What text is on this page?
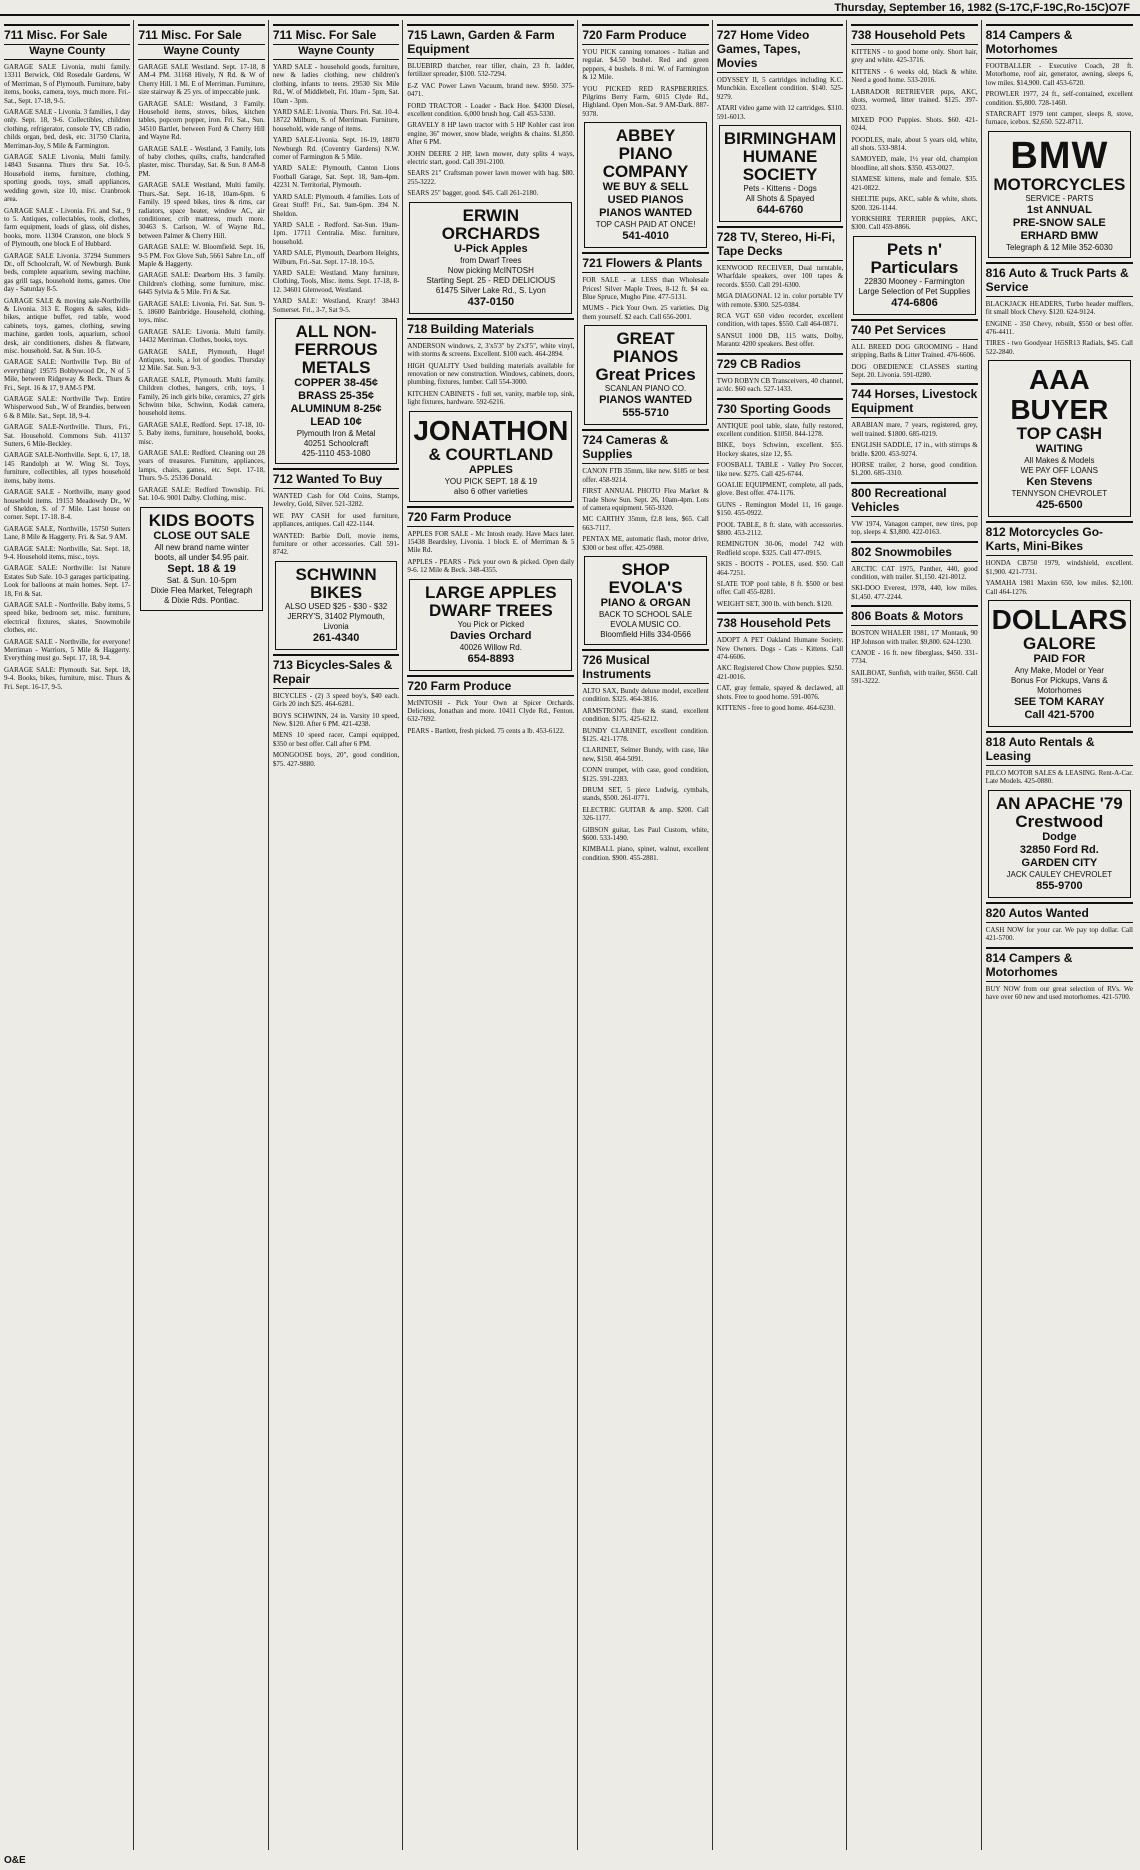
Thursday, September 16, 1982 (S-17C,F-19C,Ro-15C)O7F
711 Misc. For Sale
Wayne County

GARAGE SALE Livonia, multi family. 13311 Berwick, Old Rosedale Gardens, W of Merriman, S of Plymouth. Furniture, baby items, books, camera, toys, much more. Fri.-Sat., Sept. 17-18, 9-5.

GARAGE SALE - Livonia. 3 families, 1 day only. Sept. 18, 9-6. Collectibles, children clothing, refrigerator, console TV, CB radio, childs organ, bed, desk, etc. 31750 Clarita, Merriman-Joy, S Mile & Farmington.

GARAGE SALE Livonia, Multi family. 14843 Susanna. Thurs thru Sat. 10-5. Household items, furniture, clothing, sporting goods, toys, small appliances, wedding gown, size 10, misc. Cranbrook area.

GARAGE SALE - Livonia. Fri. and Sat., 9 to 5. Antiques, collectables, tools, clothes, farm equipment, loads of glass, old dishes, books, more. 11304 Cranston, one block S of Plymouth, one block E of Hubbard.

GARAGE SALE Livonia. 37294 Summers Dr., off Schoolcraft, W. of Newburgh. Bunk beds, complete aquarium, sewing machine, gas grill tags, household items, games. One day - Saturday 8-5.

GARAGE SALE & moving sale-Northville & Livonia. 313 E. Rogers & sales, kids-bikes, antique buffet, red table, wood cabinets, toys, games, clothing, sewing machine, garden tools, aquarium, school desk, air conditioners, dishes & flatware, misc. household. Sat. & Sun. 10-5.

GARAGE SALE: Northville Twp. Bit of everything! 19575 Bobbywood Dr., N of 5 Mile, between Ridgeway & Beck. Thurs & Fri., Sept. 16 & 17, 9 AM-5 PM.

GARAGE SALE: Northville Twp. Entire Whisperwood Sub., W of Brandies, between 6 & 8 Mile. Sat., Sept. 18, 9-4.

GARAGE SALE-Northville. Thurs, Fri., Sat. Household. Commons Sub. 41137 Sutters, 6 Mile-Beckley.

GARAGE SALE-Northville. Sept. 6, 17, 18. 145 Randolph at W. Wing St. Toys, furniture, collectibles, all types household items, baby items.

GARAGE SALE - Northville, many good household items. 19153 Meadowdy Dr., W of Sheldon, S. of 7 Mile. Last house on corner. Sept. 17-18. 8-4.

GARAGE SALE, Northville, 15750 Sutters Lane, 8 Mile & Haggerty. Fri. & Sat. 9 AM.

GARAGE SALE: Northville, Sat. Sept. 18, 9-4. Household items, misc., toys.

GARAGE SALE: Northville: 1st Nature Estates Sub Sale. 10-3 garages participating. Look for balloons at main homes. Sept. 17-18, Fri & Sat.

GARAGE SALE - Northville. Baby items, 5 speed bike, bedroom set, misc. furniture, electrical fixtures, skates, Snowmobile clothes, etc.

GARAGE SALE - Northville, for everyone! Merriman - Warriors, 5 Mile & Haggerty. Everything must go. Sept. 17, 18, 9-4.

GARAGE SALE: Plymouth. Sat. Sept. 18, 9-4. Books, bikes, furniture, misc. Thurs & Fri. Sept. 16-17, 9-5.

711 Misc. For Sale
Wayne County

GARAGE SALE Westland. Sept. 17-18, 8 AM-4 PM. 31168 Hively, N Rd. & W of Cherry Hill. 1 Mi. E of Merriman. Furniture, size stairway & 25 yrs. of impeccable junk.

GARAGE SALE: Westland, 3 Family. Household items, stoves, bikes, kitchen tables, popcorn popper, iron. Fri. Sat., Sun. 34510 Bartlet, between Ford & Cherry Hill and Wayne Rd.

GARAGE SALE - Westland, 3 Family, lots of baby clothes, quilts, crafts, handcrafted plaster, misc. Thursday, Sat. & Sun. 8 AM-8 PM.

GARAGE SALE Westland, Multi family. Thurs.-Sat. Sept. 16-18, 10am-6pm. 6 Family. 19 speed bikes, tires & rims, car radiators, space heater, window AC, air conditioner, crib mattress, much more. 30463 S. Carlson, W. of Wayne Rd., between Palmer & Cherry Hill.

GARAGE SALE: W. Bloomfield. Sept. 16, 9-5 PM. Fox Glove Sub, 5661 Sabre Ln., off Maple & Haggerty.

GARAGE SALE: Dearborn Hts. 3 family. Children's clothing, some furniture, misc. 6445 Sylvia & 5 Mile. Fri & Sat.

GARAGE SALE: Livonia, Fri. Sat. Sun. 9-5. 18600 Bainbridge. Household, clothing, toys, misc.

GARAGE SALE: Livonia. Multi family. 14432 Merriman. Clothes, books, toys.

GARAGE SALE, Plymouth, Huge! Antiques, tools, a lot of goodies. Thursday 12 Mile. Sat. Sun. 9-3.

GARAGE SALE, Plymouth. Multi family. Children clothes, hangers, crib, toys, 1 Family, 26 inch girls bike, ceramics, 27 girls Schwinn bike, Schwinn, Kodak camera, household items.

GARAGE SALE, Redford. Sept. 17-18, 10-5. Baby items, furniture, household, books, misc.

GARAGE SALE: Redford. Cleaning out 28 years of treasures. Furniture, appliances, lamps, chairs, games, etc. Sept. 17-18, Thurs. 9-5. 25336 Donald.

GARAGE SALE: Redford Township. Fri. Sat. 10-6. 9001 Dalby. Clothing, misc.

KIDS BOOTS
CLOSE OUT SALE
All new brand name winter
boots, all under $4.95 pair.
Sept. 18 & 19
Sat. & Sun. 10-5pm
Dixie Flea Market, Telegraph
& Dixie Rds. Pontiac.
711 Misc. For Sale
Wayne County

YARD SALE - household goods, furniture, new & ladies clothing, new children's clothing, infants to teens. 29530 Six Mile Rd., W. of Middlebelt, Fri. 10am - 5pm, Sat. 10am - 3pm.

YARD SALE: Livonia. Thurs. Fri. Sat. 10-4. 18722 Milburn, S. of Merriman. Furniture, household, wide range of items.

YARD SALE-Livonia. Sept. 16-19, 18870 Newburgh Rd. (Coventry Gardens) N.W. corner of Farmington & 5 Mile.

YARD SALE: Plymouth, Canton Lions Football Garage, Sat. Sept. 18, 9am-4pm. 42231 N. Territorial, Plymouth.

YARD SALE: Plymouth. 4 families. Lots of Great Stuff! Fri., Sat. 9am-6pm. 394 N. Sheldon.

YARD SALE - Redford. Sat-Sun. 19am-1pm. 17711 Centralia. Misc. furniture, household.

YARD SALE, Plymouth, Dearborn Heights, Wilburn, Fri.-Sat. Sept. 17-18. 10-5.

YARD SALE: Westland. Many furniture, Clothing, Tools, Misc. items. Sept. 17-18, 8-12. 34601 Glenwood, Westland.

YARD SALE: Westland, Krazy! 38443 Somerset. Fri., 3-7, Sat 9-5.

ALL NON-FERROUS
METALS
COPPER 38-45¢
BRASS 25-35¢
ALUMINUM 8-25¢
LEAD 10¢
Plymouth Iron & Metal
40251 Schoolcraft
425-1110 453-1080
712 Wanted To Buy

WANTED Cash for Old Coins, Stamps, Jewelry, Gold, Silver. 521-3282.

WE PAY CASH for used furniture, appliances, antiques. Call 422-1144.

WANTED: Barbie Doll, movie items, furniture or other accessories. Call 591-8742.

SCHWINN BIKES
ALSO USED $25 - $30 - $32
JERRY'S, 31402 Plymouth, Livonia
261-4340
713 Bicycles-Sales & Repair

BICYCLES - (2) 3 speed boy's, $40 each. Girls 20 inch $25. 464-6281.

BOYS SCHWINN, 24 in. Varsity 10 speed, New. $120. After 6 PM. 421-4238.

MENS 10 speed racer, Campi equipped, $350 or best offer. Call after 6 PM.

MONGOOSE boys, 20", good condition, $75. 427-9880.

715 Lawn, Garden & Farm Equipment

BLUEBIRD thatcher, rear tiller, chain, 23 ft. ladder, fertilizer spreader, $100. 532-7294.

E-Z VAC Power Lawn Vacuum, brand new. $950. 375-0471.

FORD TRACTOR - Loader - Back Hoe. $4300 Diesel, excellent condition. 6,000 brush hog. Call 453-5330.

GRAVELY 8 HP lawn tractor with 5 HP Kohler cast iron engine, 36" mower, snow blade, weights & chains. $1,850. After 6 PM.

JOHN DEERE 2 HP, lawn mower, duty splits 4 ways, electric start, good. Call 391-2100.

SEARS 21" Craftsman power lawn mower with bag. $80. 255-3222.

SEARS 25" bagger, good. $45. Call 261-2180.

ERWIN ORCHARDS
U-Pick Apples
from Dwarf Trees
Now picking McINTOSH
Starting Sept. 25 - RED DELICIOUS
61475 Silver Lake Rd., S. Lyon
437-0150
718 Building Materials

ANDERSON windows, 2, 3'x5'3" by 2'x3'5", white vinyl, with storms & screens. Excellent. $100 each. 464-2894.

HIGH QUALITY Used building materials available for renovation or new construction. Windows, cabinets, doors, plumbing, fixtures, lumber. Call 554-3000.

KITCHEN CABINETS - full set, vanity, marble top, sink, light fixtures, hardware. 592-6216.

JONATHON
& COURTLAND
APPLES
YOU PICK SEPT. 18 & 19
also 6 other varieties
720 Farm Produce

APPLES FOR SALE - Mc Intosh ready. Have Macs later. 15438 Beardsley, Livonia. 1 block E. of Merriman & 5 Mile Rd.

APPLES - PEARS - Pick your own & picked. Open daily 9-6. 12 Mile & Beck. 348-4355.

LARGE APPLES
DWARF TREES
You Pick or Picked
Davies Orchard
40026 Willow Rd.
654-8893
720 Farm Produce

McINTOSH - Pick Your Own at Spicer Orchards. Delicious, Jonathan and more. 10411 Clyde Rd., Fenton. 632-7692.

PEARS - Bartlett, fresh picked. 75 cents a lb. 453-6122.

720 Farm Produce

YOU PICK canning tomatoes - Italian and regular. $4.50 bushel. Red and green peppers, 4 bushels. 8 mi. W. of Farmington & 12 Mile.

YOU PICKED RED RASPBERRIES. Pilgrims Berry Farm, 6015 Clyde Rd., Highland. Open Mon.-Sat. 9 AM-Dark. 887-9378.

ABBEY PIANO COMPANY
WE BUY & SELL
USED PIANOS
PIANOS WANTED
TOP CASH PAID AT ONCE!
541-4010
721 Flowers & Plants

FOR SALE - at LESS than Wholesale Prices! Silver Maple Trees, 8-12 ft. $4 ea. Blue Spruce, Mugho Pine. 477-5131.

MUMS - Pick Your Own. 25 varieties. Dig them yourself. $2 each. Call 656-2001.

GREAT PIANOS
Great Prices
SCANLAN PIANO CO.
PIANOS WANTED
555-5710
724 Cameras & Supplies

CANON FTB 35mm, like new. $185 or best offer. 458-9214.

FIRST ANNUAL PHOTO Flea Market & Trade Show Sun. Sept. 26, 10am-4pm. Lots of camera equipment. 565-9320.

MC CARTHY 35mm, f2.8 lens, $65. Call 663-7117.

PENTAX ME, automatic flash, motor drive, $300 or best offer. 425-0988.

SHOP EVOLA'S
PIANO & ORGAN
BACK TO SCHOOL SALE
EVOLA MUSIC CO.
Bloomfield Hills 334-0566
726 Musical Instruments

ALTO SAX, Bundy deluxe model, excellent condition. $325. 464-3816.

ARMSTRONG flute & stand, excellent condition. $175. 425-6212.

BUNDY CLARINET, excellent condition. $125. 421-1778.

CLARINET, Selmer Bundy, with case, like new, $150. 464-5091.

CONN trumpet, with case, good condition, $125. 591-2283.

DRUM SET, 5 piece Ludwig, cymbals, stands, $500. 261-0771.

ELECTRIC GUITAR & amp. $200. Call 326-1177.

GIBSON guitar, Les Paul Custom, white, $600. 533-1490.

KIMBALL piano, spinet, walnut, excellent condition. $900. 455-2881.

727 Home Video Games, Tapes, Movies

ODYSSEY II, 5 cartridges including K.C. Munchkin. Excellent condition. $140. 525-9279.

ATARI video game with 12 cartridges. $310. 591-6013.

BIRMINGHAM HUMANE
SOCIETY
Pets - Kittens - Dogs
All Shots & Spayed
644-6760
728 TV, Stereo, Hi-Fi, Tape Decks

KENWOOD RECEIVER, Dual turntable, Wharfdale speakers, over 100 tapes & records. $550. Call 291-6300.

MGA DIAGONAL 12 in. color portable TV with remote. $300. 525-0384.

RCA VGT 650 video recorder, excellent condition, with tapes. $550. Call 464-0871.

SANSUI 1000 DB, 115 watts, Dolby, Marantz 4200 speakers. Best offer.

729 CB Radios

TWO ROBYN CB Transceivers, 40 channel, ac/dc. $60 each. 527-1433.

730 Sporting Goods

ANTIQUE pool table, slate, fully restored, excellent condition. $1050. 844-1278.

BIKE, boys Schwinn, excellent. $55. Hockey skates, size 12, $5.

FOOSBALL TABLE - Valley Pro Soccer, like new. $275. Call 425-6744.

GOALIE EQUIPMENT, complete, all pads, glove. Best offer. 474-1176.

GUNS - Remington Model 11, 16 gauge. $150. 455-0922.

POOL TABLE, 8 ft. slate, with accessories. $800. 453-2112.

REMINGTON 30-06, model 742 with Redfield scope. $325. Call 477-0915.

SKIS - BOOTS - POLES, used. $50. Call 464-7251.

SLATE TOP pool table, 8 ft. $500 or best offer. Call 455-8281.

WEIGHT SET, 300 lb. with bench. $120.

738 Household Pets

ADOPT A PET Oakland Humane Society. New Owners. Dogs - Cats - Kittens. Call 474-6606.

AKC Registered Chow Chow puppies. $250. 421-0016.

CAT, gray female, spayed & declawed, all shots. Free to good home. 591-0076.

KITTENS - free to good home. 464-6230.

738 Household Pets

KITTENS - to good home only. Short hair, grey and white. 425-3716.

KITTENS - 6 weeks old, black & white. Need a good home. 533-2016.

LABRADOR RETRIEVER pups, AKC, shots, wormed, litter trained. $125. 397-0233.

MIXED POO Puppies. Shots. $60. 421-0244.

POODLES, male, about 5 years old, white, all shots. 533-9814.

SAMOYED, male, 1½ year old, champion bloodline, all shots. $350. 453-0027.

SIAMESE kittens, male and female. $35. 421-0822.

SHELTIE pups, AKC, sable & white, shots. $200. 326-1144.

YORKSHIRE TERRIER puppies, AKC, $300. Call 459-8866.

Pets n' Particulars
22830 Mooney - Farmington
Large Selection of Pet Supplies
474-6806
740 Pet Services

ALL BREED DOG GROOMING - Hand stripping, Baths & Litter Trained. 476-6606.

DOG OBEDIENCE CLASSES starting Sept. 20. Livonia. 591-0280.

744 Horses, Livestock Equipment

ARABIAN mare, 7 years, registered, grey, well trained. $1800. 685-0219.

ENGLISH SADDLE, 17 in., with stirrups & bridle. $200. 453-9274.

HORSE trailer, 2 horse, good condition. $1,200. 685-3310.

800 Recreational Vehicles

VW 1974, Vanagon camper, new tires, pop top, sleeps 4. $3,800. 422-0163.

802 Snowmobiles

ARCTIC CAT 1975, Panther, 440, good condition, with trailer. $1,150. 421-8012.

SKI-DOO Everest, 1978, 440, low miles. $1,450. 477-2244.

806 Boats & Motors

BOSTON WHALER 1981, 17' Montauk, 90 HP Johnson with trailer. $9,800. 624-1230.

CANOE - 16 ft. new fiberglass, $450. 331-7734.

SAILBOAT, Sunfish, with trailer, $650. Call 591-3222.

814 Campers & Motorhomes

FOOTBALLER - Executive Coach, 28 ft. Motorhome, roof air, generator, awning, sleeps 6, low miles. $14,900. Call 453-6720.

PROWLER 1977, 24 ft., self-contained, excellent condition. $5,800. 728-1460.

STARCRAFT 1979 tent camper, sleeps 8, stove, furnace, icebox. $2,650. 522-8711.

BMW
MOTORCYCLES
SERVICE - PARTS
1st ANNUAL
PRE-SNOW SALE
ERHARD BMW
Telegraph & 12 Mile 352-6030
816 Auto & Truck Parts & Service

BLACKJACK HEADERS, Turbo header mufflers, fit small block Chevy. $120. 624-9124.

ENGINE - 350 Chevy, rebuilt, $550 or best offer. 476-4411.

TIRES - two Goodyear 165SR13 Radials, $45. Call 522-2840.

AAA BUYER
TOP CA$H
WAITING
All Makes & Models
WE PAY OFF LOANS
Ken Stevens
TENNYSON CHEVROLET
425-6500
812 Motorcycles Go-Karts, Mini-Bikes

HONDA CB750 1979, windshield, excellent. $1,900. 421-7731.

YAMAHA 1981 Maxim 650, low miles. $2,100. Call 464-1276.

DOLLARS
GALORE
PAID FOR
Any Make, Model or Year
Bonus For Pickups, Vans & Motorhomes
SEE TOM KARAY
Call 421-5700
818 Auto Rentals & Leasing

PILCO MOTOR SALES & LEASING. Rent-A-Car. Late Models. 425-0880.

AN APACHE '79
Crestwood
Dodge
32850 Ford Rd.
GARDEN CITY
JACK CAULEY CHEVROLET
855-9700
820 Autos Wanted

CASH NOW for your car. We pay top dollar. Call 421-5700.

814 Campers & Motorhomes

BUY NOW from our great selection of RVs. We have over 60 new and used motorhomes. 421-5700.

O&E
